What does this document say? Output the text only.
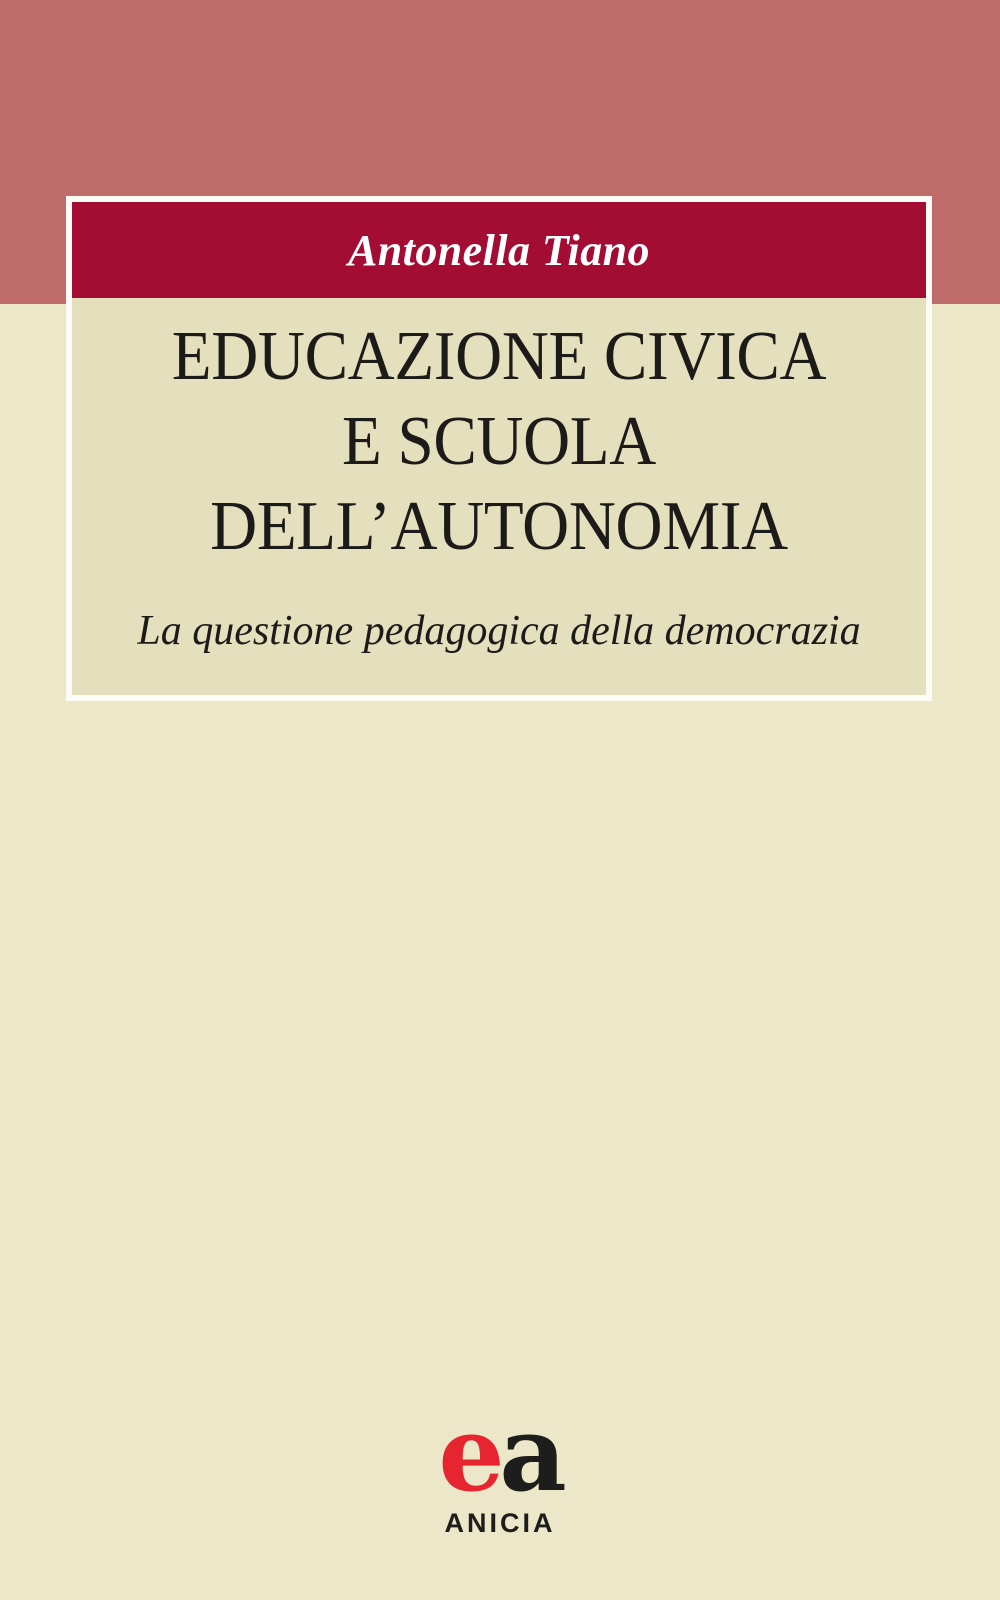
Antonella Tiano
EDUCAZIONE CIVICA
E SCUOLA
DELL’AUTONOMIA
La questione pedagogica della democrazia
ea
ANICIA
